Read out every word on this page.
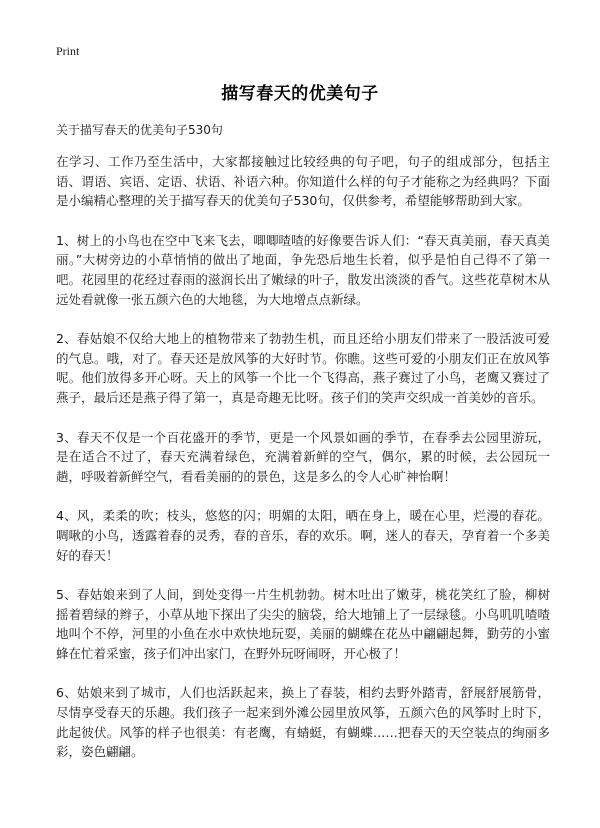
Print
描写春天的优美句子

关于描写春天的优美句子530句

在学习、工作乃至生活中，大家都接触过比较经典的句子吧，句子的组成部分，包括主语、谓语、宾语、定语、状语、补语六种。你知道什么样的句子才能称之为经典吗？下面是小编精心整理的关于描写春天的优美句子530句，仅供参考，希望能够帮助到大家。

1、树上的小鸟也在空中飞来飞去，唧唧喳喳的好像要告诉人们：“春天真美丽，春天真美丽。”大树旁边的小草悄悄的做出了地面，争先恐后地生长着，似乎是怕自己得不了第一吧。花园里的花经过春雨的滋润长出了嫩绿的叶子，散发出淡淡的香气。这些花草树木从远处看就像一张五颜六色的大地毯，为大地增点点新绿。

2、春姑娘不仅给大地上的植物带来了勃勃生机，而且还给小朋友们带来了一股活波可爱的气息。哦，对了。春天还是放风筝的大好时节。你瞧。这些可爱的小朋友们正在放风筝呢。他们放得多开心呀。天上的风筝一个比一个飞得高，燕子赛过了小鸟，老鹰又赛过了燕子，最后还是燕子得了第一，真是奇趣无比呀。孩子们的笑声交织成一首美妙的音乐。

3、春天不仅是一个百花盛开的季节，更是一个风景如画的季节，在春季去公园里游玩，是在适合不过了，春天充满着绿色，充满着新鲜的空气，偶尔，累的时候，去公园玩一趟，呼吸着新鲜空气，看看美丽的的景色，这是多么的令人心旷神怡啊！

4、风，柔柔的吹；枝头，悠悠的闪；明媚的太阳，晒在身上，暖在心里，烂漫的春花。啁啾的小鸟，透露着春的灵秀，春的音乐，春的欢乐。啊，迷人的春天，孕育着一个多美好的春天！

5、春姑娘来到了人间，到处变得一片生机勃勃。树木吐出了嫩芽，桃花笑红了脸，柳树摇着碧绿的辫子，小草从地下探出了尖尖的脑袋，给大地铺上了一层绿毯。小鸟叽叽喳喳地叫个不停，河里的小鱼在水中欢快地玩耍，美丽的蝴蝶在花丛中翩翩起舞，勤劳的小蜜蜂在忙着采蜜，孩子们冲出家门，在野外玩呀闹呀，开心极了！

6、姑娘来到了城市，人们也活跃起来，换上了春装，相约去野外踏青，舒展舒展筋骨，尽情享受春天的乐趣。我们孩子一起来到外滩公园里放风筝，五颜六色的风筝时上时下，此起彼伏。风筝的样子也很美：有老鹰，有蜻蜓，有蝴蝶……把春天的天空装点的绚丽多彩，姿色翩翩。
